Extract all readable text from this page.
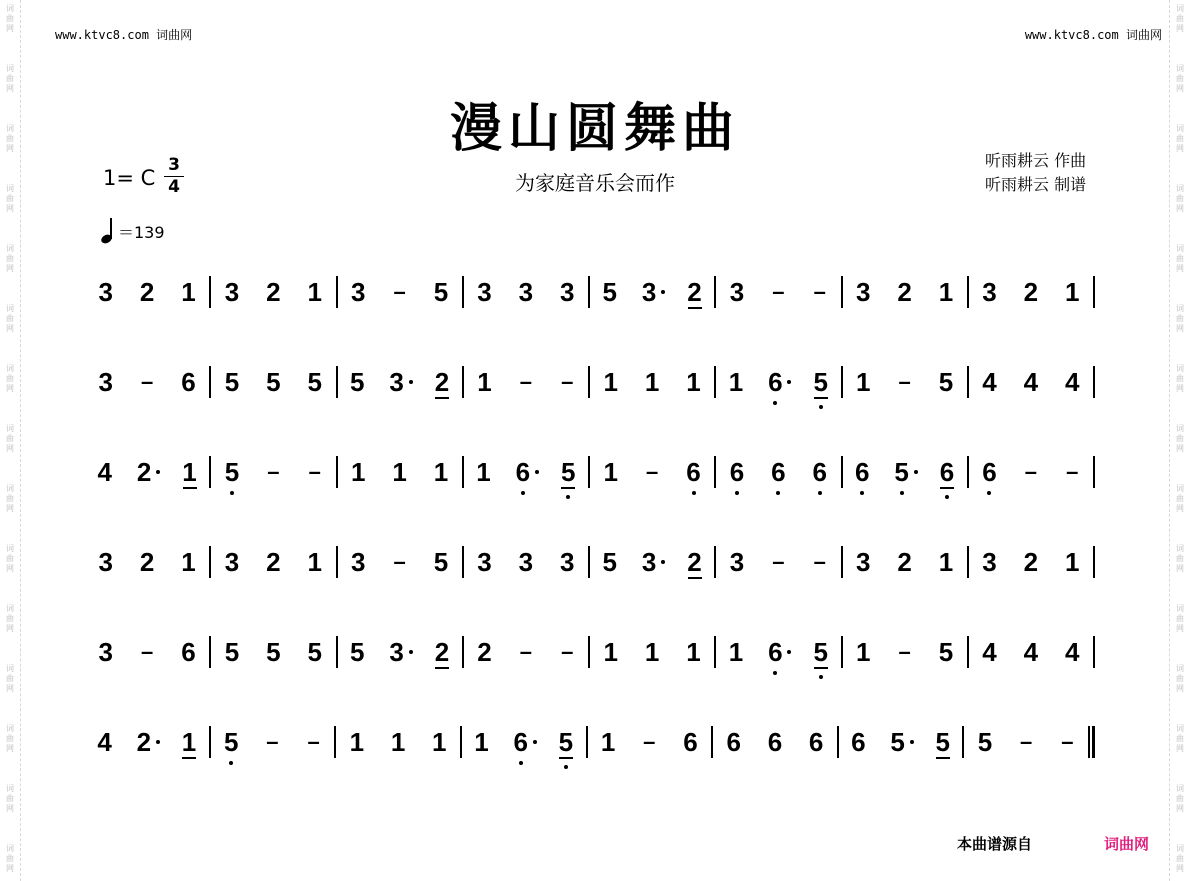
词
曲
网
词
曲
网
词
曲
网
词
曲
网
词
曲
网
词
曲
网
词
曲
网
词
曲
网
词
曲
网
词
曲
网
词
曲
网
词
曲
网
词
曲
网
词
曲
网
词
曲
网
词
曲
网
词
曲
网
词
曲
网
词
曲
网
词
曲
网
词
曲
网
词
曲
网
词
曲
网
词
曲
网
词
曲
网
词
曲
网
词
曲
网
词
曲
网
词
曲
网
词
曲
网
www.ktvc8.com 词曲网	www.ktvc8.com 词曲网
漫山圆舞曲
为家庭音乐会而作
听雨耕云 作曲
听雨耕云 制谱
1= C
3
4
＝139
3 2 1 3 2 1 3 – 5 3 3 3 5 3 2 3 – – 3 2 1 3 2 1
3 – 6 5 5 5 5 3 2 1 – – 1 1 1 1 6 5 1 – 5 4 4 4
4 2 1 5 – – 1 1 1 1 6 5 1 – 6 6 6 6 6 5 6 6 – –
3 2 1 3 2 1 3 – 5 3 3 3 5 3 2 3 – – 3 2 1 3 2 1
3 – 6 5 5 5 5 3 2 2 – – 1 1 1 1 6 5 1 – 5 4 4 4
4 2 1 5 – – 1 1 1 1 6 5 1 – 6 6 6 6 6 5 5 5 – –
本曲谱源自	词曲网
